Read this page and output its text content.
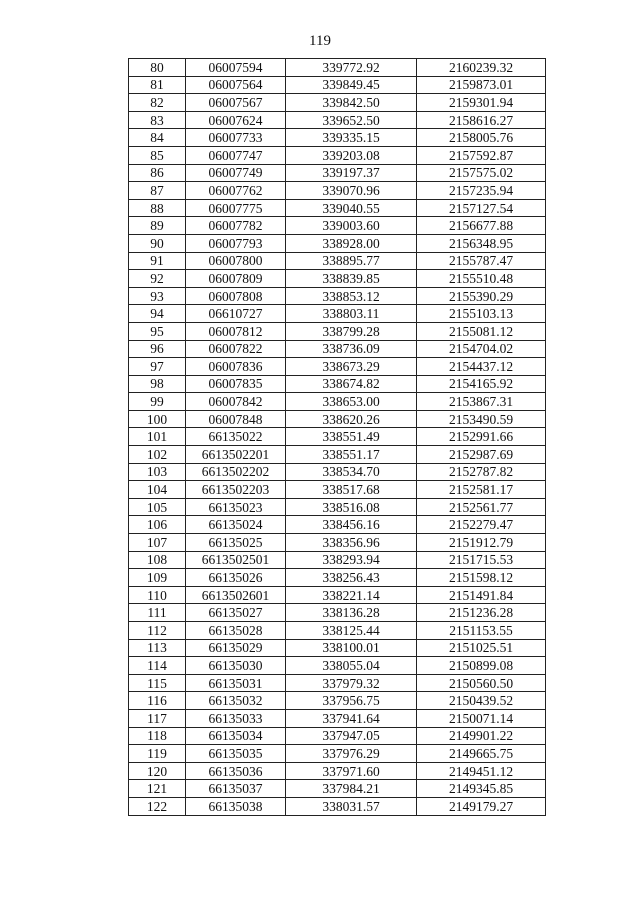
119
80	06007594	339772.92	2160239.32
81	06007564	339849.45	2159873.01
82	06007567	339842.50	2159301.94
83	06007624	339652.50	2158616.27
84	06007733	339335.15	2158005.76
85	06007747	339203.08	2157592.87
86	06007749	339197.37	2157575.02
87	06007762	339070.96	2157235.94
88	06007775	339040.55	2157127.54
89	06007782	339003.60	2156677.88
90	06007793	338928.00	2156348.95
91	06007800	338895.77	2155787.47
92	06007809	338839.85	2155510.48
93	06007808	338853.12	2155390.29
94	06610727	338803.11	2155103.13
95	06007812	338799.28	2155081.12
96	06007822	338736.09	2154704.02
97	06007836	338673.29	2154437.12
98	06007835	338674.82	2154165.92
99	06007842	338653.00	2153867.31
100	06007848	338620.26	2153490.59
101	66135022	338551.49	2152991.66
102	6613502201	338551.17	2152987.69
103	6613502202	338534.70	2152787.82
104	6613502203	338517.68	2152581.17
105	66135023	338516.08	2152561.77
106	66135024	338456.16	2152279.47
107	66135025	338356.96	2151912.79
108	6613502501	338293.94	2151715.53
109	66135026	338256.43	2151598.12
110	6613502601	338221.14	2151491.84
111	66135027	338136.28	2151236.28
112	66135028	338125.44	2151153.55
113	66135029	338100.01	2151025.51
114	66135030	338055.04	2150899.08
115	66135031	337979.32	2150560.50
116	66135032	337956.75	2150439.52
117	66135033	337941.64	2150071.14
118	66135034	337947.05	2149901.22
119	66135035	337976.29	2149665.75
120	66135036	337971.60	2149451.12
121	66135037	337984.21	2149345.85
122	66135038	338031.57	2149179.27
